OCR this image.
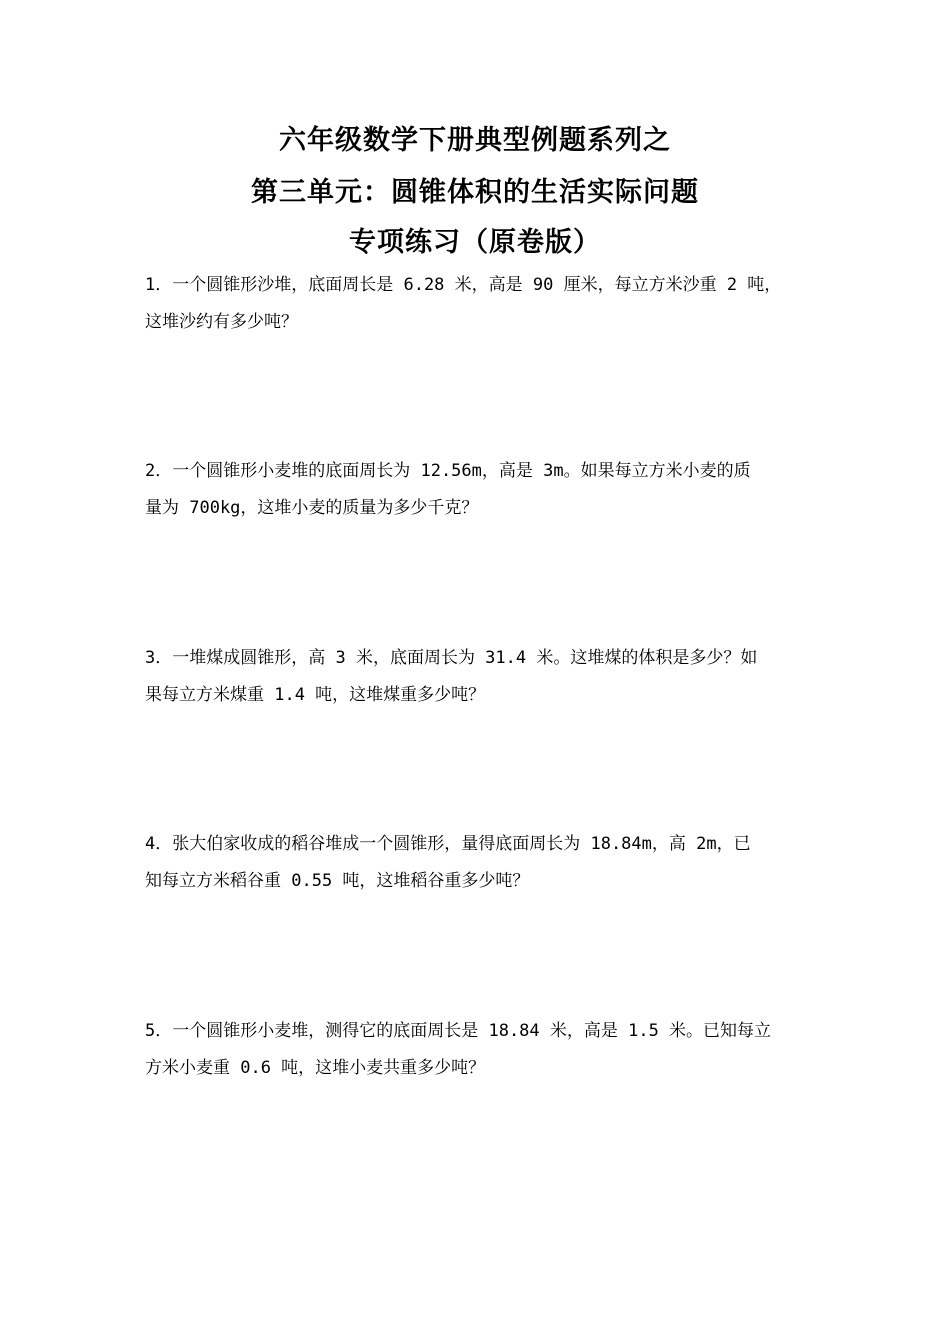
六年级数学下册典型例题系列之
第三单元：圆锥体积的生活实际问题
专项练习（原卷版）
1．一个圆锥形沙堆，底面周长是 6.28 米，高是 90 厘米，每立方米沙重 2 吨，
这堆沙约有多少吨？
2．一个圆锥形小麦堆的底面周长为 12.56m，高是 3m。如果每立方米小麦的质
量为 700kg，这堆小麦的质量为多少千克？
3．一堆煤成圆锥形，高 3 米，底面周长为 31.4 米。这堆煤的体积是多少？如
果每立方米煤重 1.4 吨，这堆煤重多少吨？
4．张大伯家收成的稻谷堆成一个圆锥形，量得底面周长为 18.84m，高 2m，已
知每立方米稻谷重 0.55 吨，这堆稻谷重多少吨？
5．一个圆锥形小麦堆，测得它的底面周长是 18.84 米，高是 1.5 米。已知每立
方米小麦重 0.6 吨，这堆小麦共重多少吨？
